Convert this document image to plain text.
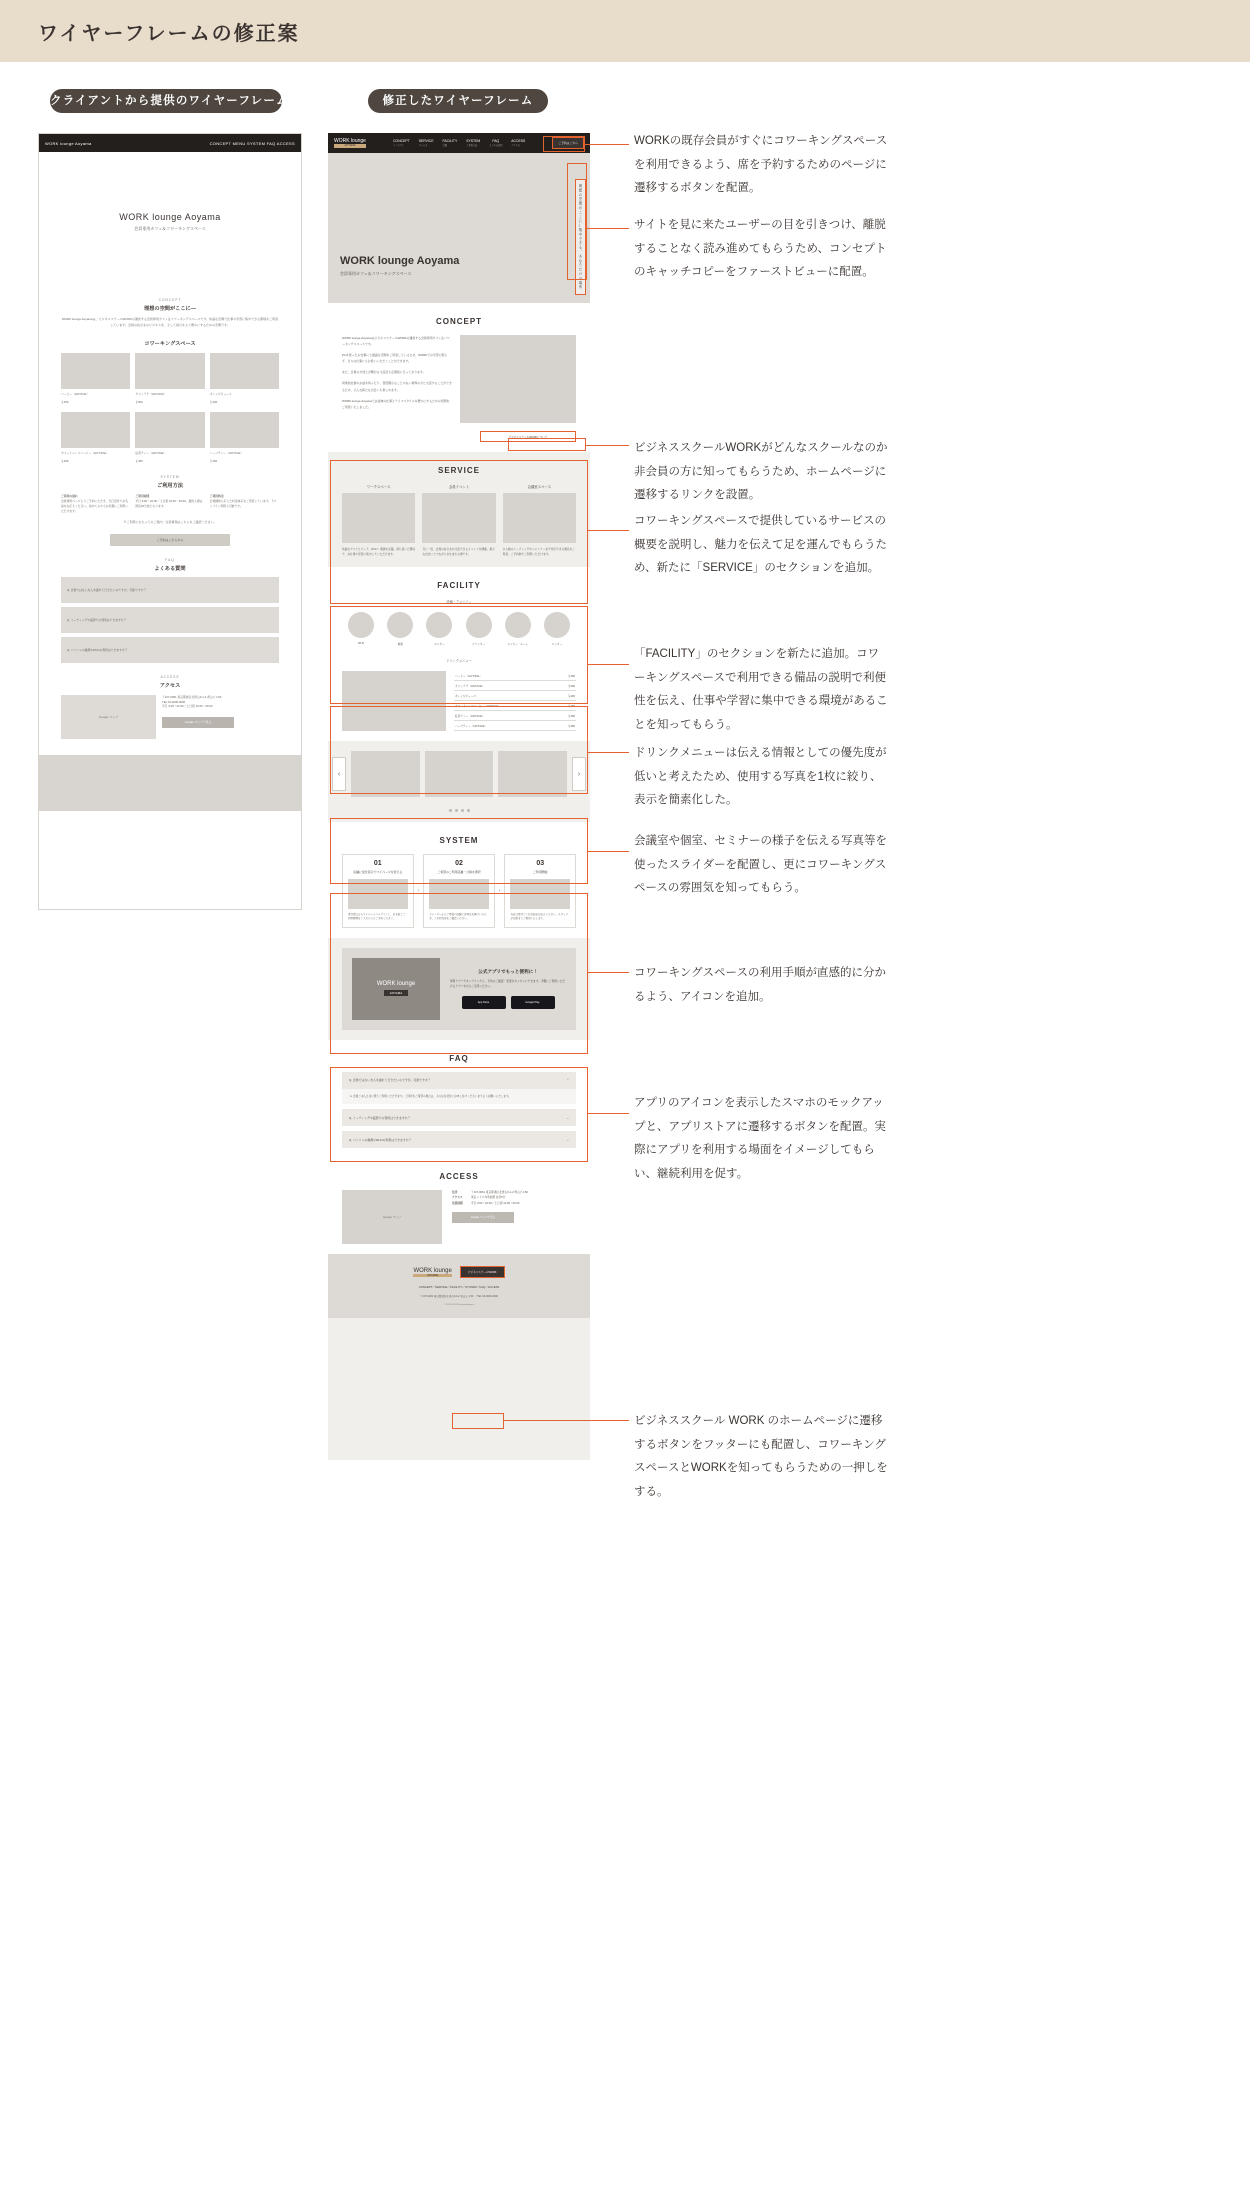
ワイヤーフレームの修正案
クライアントから提供のワイヤーフレーム	修正したワイヤーフレーム
WORK lounge Aoyama	CONCEPT MENU SYSTEM FAQ ACCESS
WORK lounge Aoyama

会員専用カフェ＆コワーキングスペース

CONCEPT
理想の空間がここに―
WORK lounge Aoyamaは、ビジネススクールWORKの運営する会員専用カフェ＆コワーキングスペースです。快適な空間で仕事や学習に集中できる環境をご用意しています。会員の皆さまのビジネスを、そして毎日をより豊かにするための空間です。
コワーキングスペース
コーヒー（HOT/ICE）
￥450
カフェラテ（HOT/ICE）
￥500
オレンジジュース
￥400
カフェインレスコーヒー（HOT/ICE）
￥450
紅茶ティー（HOT/ICE）
￥450
ハーブティー（HOT/ICE）
￥450
SYSTEM
ご利用方法
ご利用の流れ
会員専用ページよりご予約いただき、当日受付でお名前をお伝えください。初めての方もお気軽にご利用いただけます。
ご利用時間
平日 9:00〜22:00／土日祝 10:00〜20:00。最終入場は閉店30分前となります。
ご利用料金
会員種別に応じた料金体系をご用意しています。ドロップイン利用も可能です。
※ご利用にあたってのご案内・注意事項はこちらをご確認ください。
ご予約はこちらから
FAQ
よくある質問
Q. 会員ではない友人を連れて行きたいのですが、可能ですか？
Q. ミーティングや撮影での利用はできますか？
Q. パソコンの電源やWi-Fiの利用はできますか？
ACCESS
アクセス
Google マップ
〒107-0061 東京都港区北青山3-1-2 青山ビル5F
TEL 03-0000-0000
平日 9:00〜22:00／土日祝 10:00〜20:00
Google マップで見る
WORK lounge
AOYAMA
CONCEPT
コンセプト
SERVICE
サービス
FACILITY
設備
SYSTEM
ご利用方法
FAQ
よくある質問
ACCESS
アクセス
ご予約はこちら
WORK lounge Aoyama

会員専用カフェ＆コワーキングスペース	理想の空間がここに―集中できる、あなただけの場所
CONCEPT

WORK lounge AoyamaはビジネススクールWORKの運営する会員専用カフェ＆コワーキングスペースです。

PCを使ったお仕事にも最適な空間をご用意しているため、WORKでの学習に限らず、日々の仕事にもお使いいただくことができます。

また、会員の方同士が繋がる交流会も定期的に行っております。

同業他社様のお話を伺ったり、普段関わることのない業界の方と交流することができるため、そんな新たな出会いも楽しめます。

WORK lounge Aoyamaでは皆様の仕事とライフスタイルを豊かにするための空間をご用意いたしました。

ビジネススクールWORKについて
SERVICE
ワークスペース
快適なデスクとチェア、Wi-Fi・電源を完備。落ち着いた環境で、お仕事や学習に集中していただけます。
会員イベント
月に一度、会員の皆さまが交流できるイベントを開催。新たな出会いとつながりが生まれる場です。
会議室スペース
少人数のミーティングからセミナーまで対応できる個室をご用意。ご予約制でご利用いただけます。
FACILITY
設備・アメニティ
Wi-Fi	電源	モニター	プリンター	ロッカー・ルーム	ロッカー
ドリンクメニュー
コーヒー（HOT/ICE）	￥450
カフェラテ（HOT/ICE）	￥500
オレンジジュース	￥400
カフェインレスコーヒー（HOT/ICE）	￥450
紅茶ティー（HOT/ICE）	￥450
ハーブティー（HOT/ICE）	￥450
‹	›
SYSTEM
01
店舗に受付窓口でマイページを変える
受付窓口からマイページへログインし、お名前とご利用時間をご入力のうえご予約ください。
›
02
ご希望のご利用店舗・日時を選択
カレンダーからご希望の店舗と日時をお選びいただき、ご予約内容をご確認ください。
›
03
ご利用開始
当日は受付にてお名前をお伝えください。スタッフがお席までご案内いたします。
WORK lounge
AOYAMA
公式アプリでもっと便利に！

専用アプリでオンラインでも、予約のご確認・変更がカンタンにできます。手軽にご利用いただけるアプリをぜひご活用ください。

App Store	Google Play
FAQ
Q. 会員ではない友人を連れて行きたいのですが、可能ですか？	⌃
A. 会員ご本人さまに限りご利用いただけます。ご同伴をご希望の場合は、その旨を受付にお申し付けくださいますようお願いいたします。
Q. ミーティングや撮影での利用はできますか？	⌄
Q. パソコンの電源やWi-Fiの利用はできますか？	⌄
ACCESS
Google マップ
住所	〒107-0061 東京都港区北青山3-1-2 青山ビル5F
アクセス	東京メトロ外苑前駅 徒歩5分
営業時間	平日 9:00〜22:00／土日祝 10:00〜20:00
Google マップで見る
WORK lounge
AOYAMA
ビジネススクールWORK
CONCEPT／SERVICE／FACILITY／SYSTEM／FAQ／ACCESS
〒107-0061 東京都港区北青山3-1-2 青山ビル5F ／ TEL 03-0000-0000
© 2024 WORK lounge Aoyama
WORKの既存会員がすぐにコワーキングスペースを利用できるよう、席を予約するためのページに遷移するボタンを配置。
サイトを見に来たユーザーの目を引きつけ、離脱することなく読み進めてもらうため、コンセプトのキャッチコピーをファーストビューに配置。
ビジネススクールWORKがどんなスクールなのか非会員の方に知ってもらうため、ホームページに遷移するリンクを設置。
コワーキングスペースで提供しているサービスの概要を説明し、魅力を伝えて足を運んでもらうため、新たに「SERVICE」のセクションを追加。
「FACILITY」のセクションを新たに追加。コワーキングスペースで利用できる備品の説明で利便性を伝え、仕事や学習に集中できる環境があることを知ってもらう。
ドリンクメニューは伝える情報としての優先度が低いと考えたため、使用する写真を1枚に絞り、表示を簡素化した。
会議室や個室、セミナーの様子を伝える写真等を使ったスライダーを配置し、更にコワーキングスペースの雰囲気を知ってもらう。
コワーキングスペースの利用手順が直感的に分かるよう、アイコンを追加。
アプリのアイコンを表示したスマホのモックアップと、アプリストアに遷移するボタンを配置。実際にアプリを利用する場面をイメージしてもらい、継続利用を促す。
ビジネススクール WORK のホームページに遷移するボタンをフッターにも配置し、コワーキングスペースとWORKを知ってもらうための一押しをする。
